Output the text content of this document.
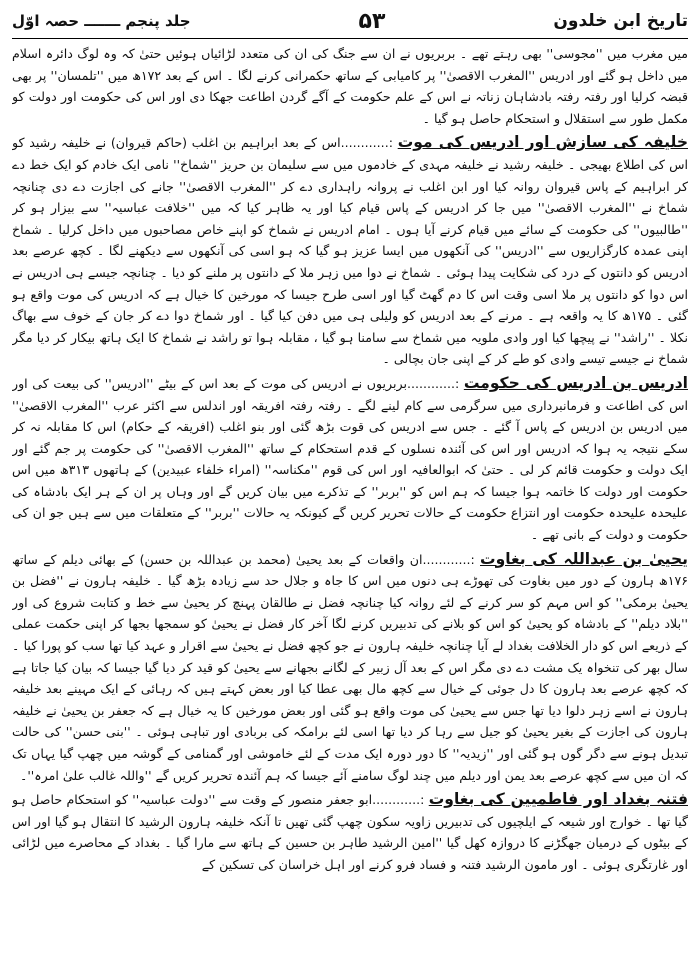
تاریخ ابن خلدون
۵۳
جلد پنجم ـــــــ حصہ اوّل

میں مغرب میں ''مجوسی'' بھی رہتے تھے ۔ بربریوں نے ان سے جنگ کی ان کی متعدد لڑائیاں ہوئیں حتیٰ کہ وہ لوگ دائرہ اسلام میں داخل ہو گئے اور ادریس ''المغرب الاقصیٰ'' پر کامیابی کے ساتھ حکمرانی کرنے لگا ۔ اس کے بعد ۱۷۲ھ میں ''تلمسان'' پر بھی قبضہ کرلیا اور رفتہ رفتہ بادشاہان زناتہ نے اس کے علم حکومت کے آگے گردن اطاعت جھکا دی اور اس کی حکومت اور دولت کو مکمل طور سے استقلال و استحکام حاصل ہو گیا ۔

خلیفہ کی سازش اور ادریس کی موت :............اس کے بعد ابراہیم بن اغلب (حاکم قیروان) نے خلیفہ رشید کو اس کی اطلاع بھیجی ۔ خلیفہ رشید نے خلیفہ مہدی کے خادموں میں سے سلیمان بن حریز ''شماخ'' نامی ایک خادم کو ایک خط دے کر ابراہیم کے پاس قیروان روانہ کیا اور ابن اغلب نے پروانہ راہداری دے کر ''المغرب الاقصیٰ'' جانے کی اجازت دے دی چنانچہ شماخ نے ''المغرب الاقصیٰ'' میں جا کر ادریس کے پاس قیام کیا اور یہ ظاہر کیا کہ میں ''خلافت عباسیہ'' سے بیزار ہو کر ''طالبیوں'' کی حکومت کے سائے میں قیام کرنے آیا ہوں ۔ امام ادریس نے شماخ کو اپنے خاص مصاحبوں میں داخل کرلیا ۔ شماخ اپنی عمدہ کارگزاریوں سے ''ادریس'' کی آنکھوں میں ایسا عزیز ہو گیا کہ ہو اسی کی آنکھوں سے دیکھنے لگا ۔ کچھ عرصے بعد ادریس کو دانتوں کے درد کی شکایت پیدا ہوئی ۔ شماخ نے دوا میں زہر ملا کے دانتوں پر ملنے کو دیا ۔ چنانچہ جیسے ہی ادریس نے اس دوا کو دانتوں پر ملا اسی وقت اس کا دم گھٹ گیا اور اسی طرح جیسا کہ مورخین کا خیال ہے کہ ادریس کی موت واقع ہو گئی ۔ ۱۷۵ھ کا یہ واقعہ ہے ۔ مرنے کے بعد ادریس کو ولیلی ہی میں دفن کیا گیا ۔ اور شماخ دوا دے کر جان کے خوف سے بھاگ نکلا ۔ ''راشد'' نے پیچھا کیا اور وادی ملویہ میں شماخ سے سامنا ہو گیا ، مقابلہ ہوا تو راشد نے شماخ کا ایک ہاتھ بیکار کر دیا مگر شماخ نے جیسے تیسے وادی کو طے کر کے اپنی جان بچالی ۔

ادریس بن ادریس کی حکومت :............بربریوں نے ادریس کی موت کے بعد اس کے بیٹے ''ادریس'' کی بیعت کی اور اس کی اطاعت و فرمانبرداری میں سرگرمی سے کام لینے لگے ۔ رفتہ رفتہ افریقہ اور اندلس سے اکثر عرب ''المغرب الاقصیٰ'' میں ادریس بن ادریس کے پاس آ گئے ۔ جس سے ادریس کی قوت بڑھ گئی اور بنو اغلب (افریقہ کے حکام) اس کا مقابلہ نہ کر سکے نتیجہ یہ ہوا کہ ادریس اور اس کی آئندہ نسلوں کے قدم استحکام کے ساتھ ''المغرب الاقصیٰ'' کی حکومت پر جم گئے اور ایک دولت و حکومت قائم کر لی ۔ حتیٰ کہ ابوالعافیہ اور اس کی قوم ''مکناسہ'' (امراء خلفاء عبیدین) کے ہاتھوں ۳۱۳ھ میں اس حکومت اور دولت کا خاتمہ ہوا جیسا کہ ہم اس کو ''بربر'' کے تذکرے میں بیان کریں گے اور وہاں پر ان کے ہر ایک بادشاہ کی علیحدہ علیحدہ حکومت اور انتزاع حکومت کے حالات تحریر کریں گے کیونکہ یہ حالات ''بربر'' کے متعلقات میں سے ہیں جو ان کی حکومت و دولت کے بانی تھے ۔

یحییٰ بن عبداللہ کی بغاوت :............ان واقعات کے بعد یحییٰ (محمد بن عبداللہ بن حسن) کے بھائی دیلم کے ساتھ ۱۷۶ھ ہارون کے دور میں بغاوت کی تھوڑے ہی دنوں میں اس کا جاہ و جلال حد سے زیادہ بڑھ گیا ۔ خلیفہ ہارون نے ''فضل بن یحییٰ برمکی'' کو اس مہم کو سر کرنے کے لئے روانہ کیا چنانچہ فضل نے طالقان پہنچ کر یحییٰ سے خط و کتابت شروع کی اور ''بلاد دیلم'' کے بادشاہ کو یحییٰ کو اس کو بلانے کی تدبیریں کرنے لگا آخر کار فضل نے یحییٰ کو سمجھا بجھا کر اپنی حکمت عملی کے ذریعے اس کو دار الخلافت بغداد لے آیا چنانچہ خلیفہ ہارون نے جو کچھ فضل نے یحییٰ سے اقرار و عہد کیا تھا سب کو پورا کیا ۔ سال بھر کی تنخواہ یک مشت دے دی مگر اس کے بعد آل زبیر کے لگانے بجھانے سے یحییٰ کو قید کر دیا گیا جیسا کہ بیان کیا جاتا ہے کہ کچھ عرصے بعد ہارون کا دل جوئی کے خیال سے کچھ مال بھی عطا کیا اور بعض کہتے ہیں کہ رہائی کے ایک مہینے بعد خلیفہ ہارون نے اسے زہر دلوا دیا تھا جس سے یحییٰ کی موت واقع ہو گئی اور بعض مورخین کا یہ خیال ہے کہ جعفر بن یحییٰ نے خلیفہ ہارون کی اجازت کے بغیر یحییٰ کو جیل سے رہا کر دیا تھا اسی لئے برامکہ کی بربادی اور تباہی ہوئی ۔ ''بنی حسن'' کی حالت تبدیل ہونے سے دگر گوں ہو گئی اور ''زیدیہ'' کا دور دورہ ایک مدت کے لئے خاموشی اور گمنامی کے گوشہ میں چھپ گیا یہاں تک کہ ان میں سے کچھ عرصے بعد یمن اور دیلم میں چند لوگ سامنے آئے جیسا کہ ہم آئندہ تحریر کریں گے ''واللہ غالب علیٰ امرہ''۔

فتنہ بغداد اور فاطمیین کی بغاوت :............ابو جعفر منصور کے وقت سے ''دولت عباسیہ'' کو استحکام حاصل ہو گیا تھا ۔ خوارج اور شیعہ کے ایلچیوں کی تدبیریں زاویہ سکون چھپ گئی تھیں تا آنکہ خلیفہ ہارون الرشید کا انتقال ہو گیا اور اس کے بیٹوں کے درمیان جھگڑنے کا دروازہ کھل گیا ''امین الرشید طاہر بن حسین کے ہاتھ سے مارا گیا ۔ بغداد کے محاصرے میں لڑائی اور غارتگری ہوئی ۔ اور مامون الرشید فتنہ و فساد فرو کرنے اور اہل خراسان کی تسکین کے
